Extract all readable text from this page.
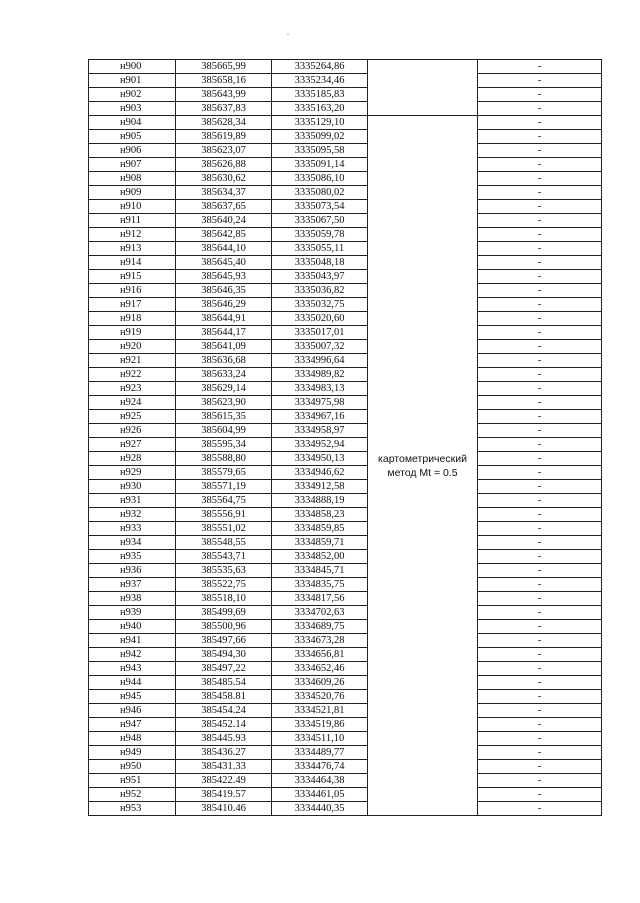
н900	385665,99	3335264,86		-
н901	385658,16	3335234,46		-
н902	385643,99	3335185,83		-
н903	385637,83	3335163,20		-
н904	385628,34	3335129,10	картометрический метод Mt = 0.5	-
н905	385619,89	3335099,02		-
н906	385623,07	3335095,58		-
н907	385626,88	3335091,14		-
н908	385630,62	3335086,10		-
н909	385634,37	3335080,02		-
н910	385637,65	3335073,54		-
н911	385640,24	3335067,50		-
н912	385642,85	3335059,78		-
н913	385644,10	3335055,11		-
н914	385645,40	3335048,18		-
н915	385645,93	3335043,97		-
н916	385646,35	3335036,82		-
н917	385646,29	3335032,75		-
н918	385644,91	3335020,60		-
н919	385644,17	3335017,01		-
н920	385641,09	3335007,32		-
н921	385636,68	3334996,64		-
н922	385633,24	3334989,82		-
н923	385629,14	3334983,13		-
н924	385623,90	3334975,98		-
н925	385615,35	3334967,16		-
н926	385604,99	3334958,97		-
н927	385595,34	3334952,94		-
н928	385588,80	3334950,13		-
н929	385579,65	3334946,62		-
н930	385571,19	3334912,58		-
н931	385564,75	3334888,19		-
н932	385556,91	3334858,23		-
н933	385551,02	3334859,85		-
н934	385548,55	3334859,71		-
н935	385543,71	3334852,00		-
н936	385535,63	3334845,71		-
н937	385522,75	3334835,75		-
н938	385518,10	3334817,56		-
н939	385499,69	3334702,63		-
н940	385500,96	3334689,75		-
н941	385497,66	3334673,28		-
н942	385494,30	3334656,81		-
н943	385497,22	3334652,46		-
н944	385485.54	3334609,26		-
н945	385458.81	3334520,76		-
н946	385454.24	3334521,81		-
н947	385452.14	3334519,86		-
н948	385445.93	3334511,10		-
н949	385436.27	3334489,77		-
н950	385431.33	3334476,74		-
н951	385422.49	3334464,38		-
н952	385419.57	3334461,05		-
н953	385410.46	3334440,35		-
